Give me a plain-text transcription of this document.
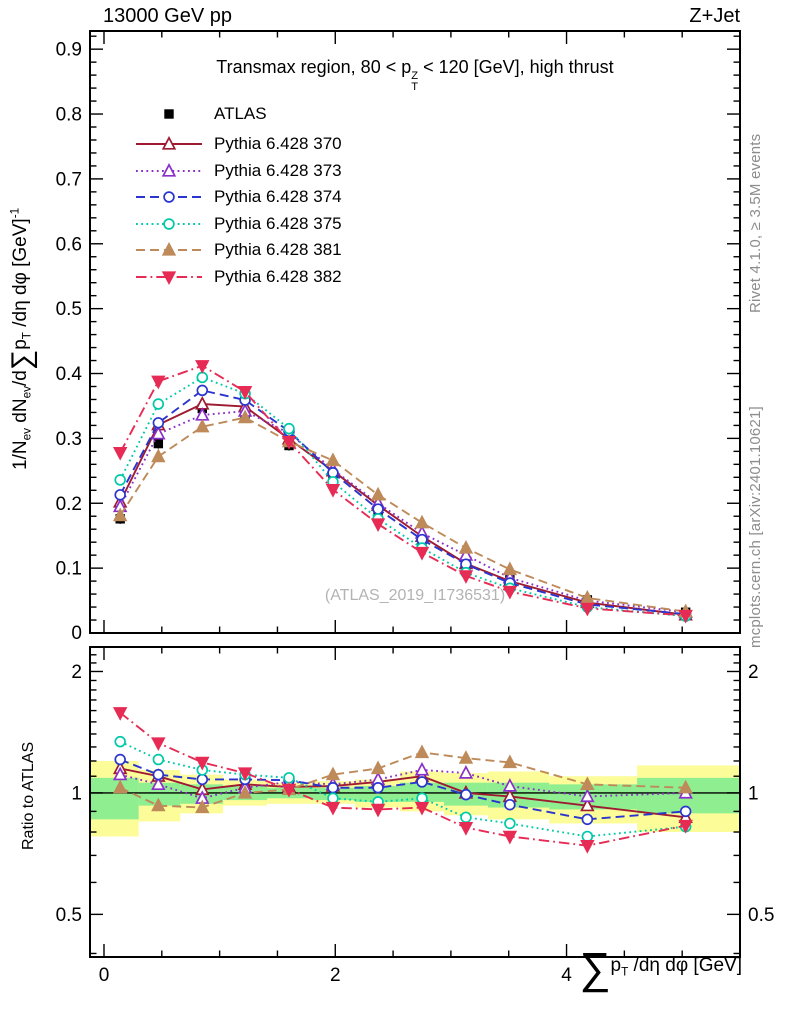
13000 GeV pp	Z+Jet
0.1
0.2
0.3
0.4
0.5
0.6
0.7
0.8
0.9
0
0	2	4
0.5	0.5
1	1
2	2
Transmax region, 80 < p Z
T
< 120 [GeV], high thrust
ATLAS
Pythia 6.428 370
Pythia 6.428 373
Pythia 6.428 374
Pythia 6.428 375
Pythia 6.428 381
Pythia 6.428 382
(ATLAS_2019_I1736531)
$1/N_{ev}$ $dN_{ev}/d\sum p_T$ /dη dφ [GeV]$^{-1}$
Ratio to ATLAS
$\sum p_T$ /dη dφ [GeV]
Rivet 4.1.0, ≥ 3.5M events
mcplots.cern.ch [arXiv:2401.10621]
